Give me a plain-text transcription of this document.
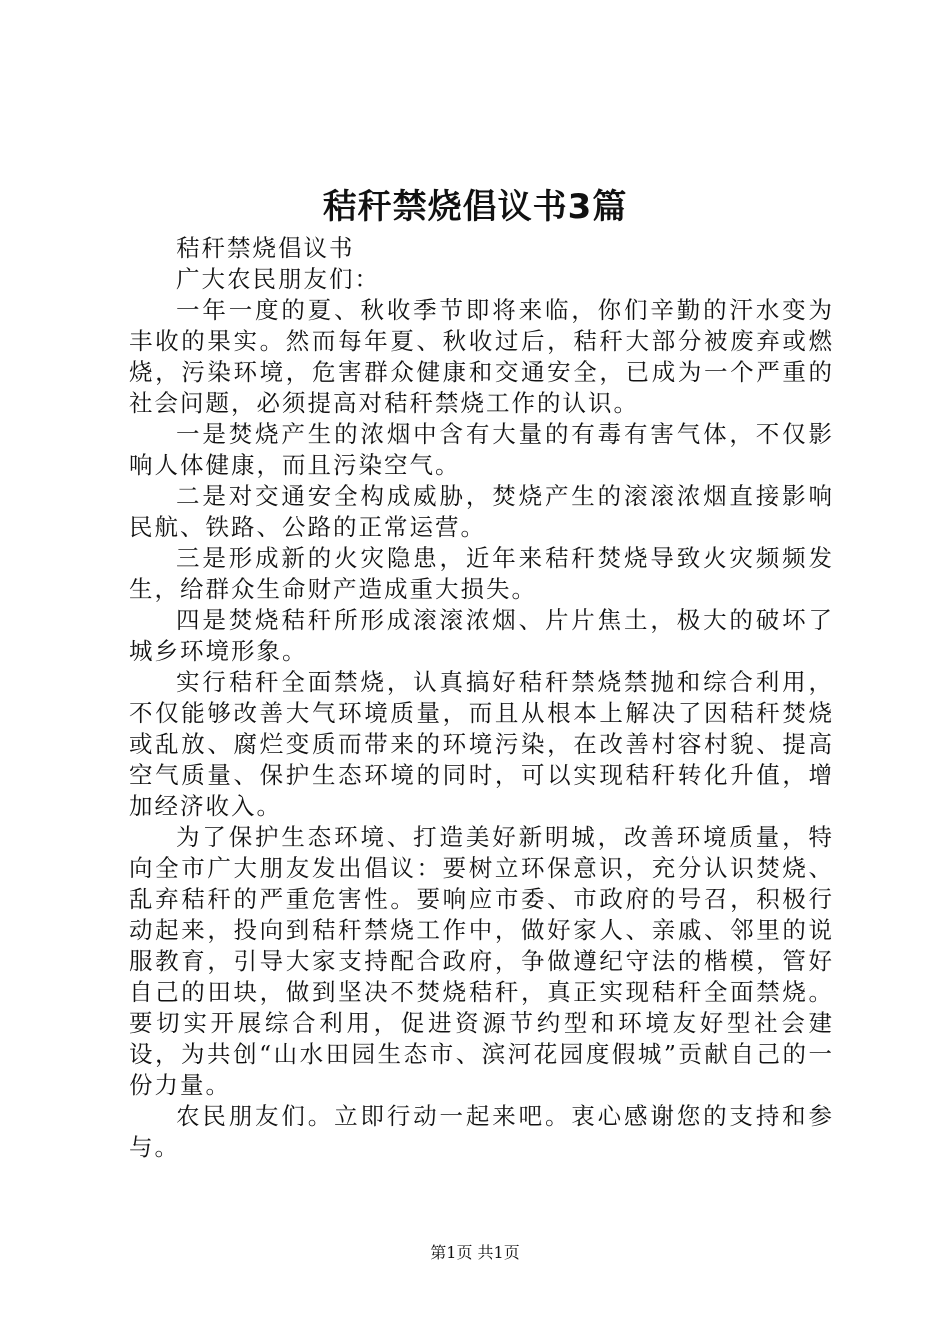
秸秆禁烧倡议书3篇

秸秆禁烧倡议书

广大农民朋友们：

一年一度的夏、秋收季节即将来临，你们辛勤的汗水变为丰收的果实。然而每年夏、秋收过后，秸秆大部分被废弃或燃烧，污染环境，危害群众健康和交通安全，已成为一个严重的社会问题，必须提高对秸秆禁烧工作的认识。

一是焚烧产生的浓烟中含有大量的有毒有害气体，不仅影响人体健康，而且污染空气。

二是对交通安全构成威胁，焚烧产生的滚滚浓烟直接影响民航、铁路、公路的正常运营。

三是形成新的火灾隐患，近年来秸秆焚烧导致火灾频频发生，给群众生命财产造成重大损失。

四是焚烧秸秆所形成滚滚浓烟、片片焦土，极大的破坏了城乡环境形象。

实行秸秆全面禁烧，认真搞好秸秆禁烧禁抛和综合利用，不仅能够改善大气环境质量，而且从根本上解决了因秸秆焚烧或乱放、腐烂变质而带来的环境污染，在改善村容村貌、提高空气质量、保护生态环境的同时，可以实现秸秆转化升值，增加经济收入。

为了保护生态环境、打造美好新明城，改善环境质量，特向全市广大朋友发出倡议：要树立环保意识，充分认识焚烧、乱弃秸秆的严重危害性。要响应市委、市政府的号召，积极行动起来，投向到秸秆禁烧工作中，做好家人、亲戚、邻里的说服教育，引导大家支持配合政府，争做遵纪守法的楷模，管好自己的田块，做到坚决不焚烧秸秆，真正实现秸秆全面禁烧。要切实开展综合利用，促进资源节约型和环境友好型社会建设，为共创“山水田园生态市、滨河花园度假城”贡献自己的一份力量。

农民朋友们。立即行动一起来吧。衷心感谢您的支持和参与。

第1页 共1页
